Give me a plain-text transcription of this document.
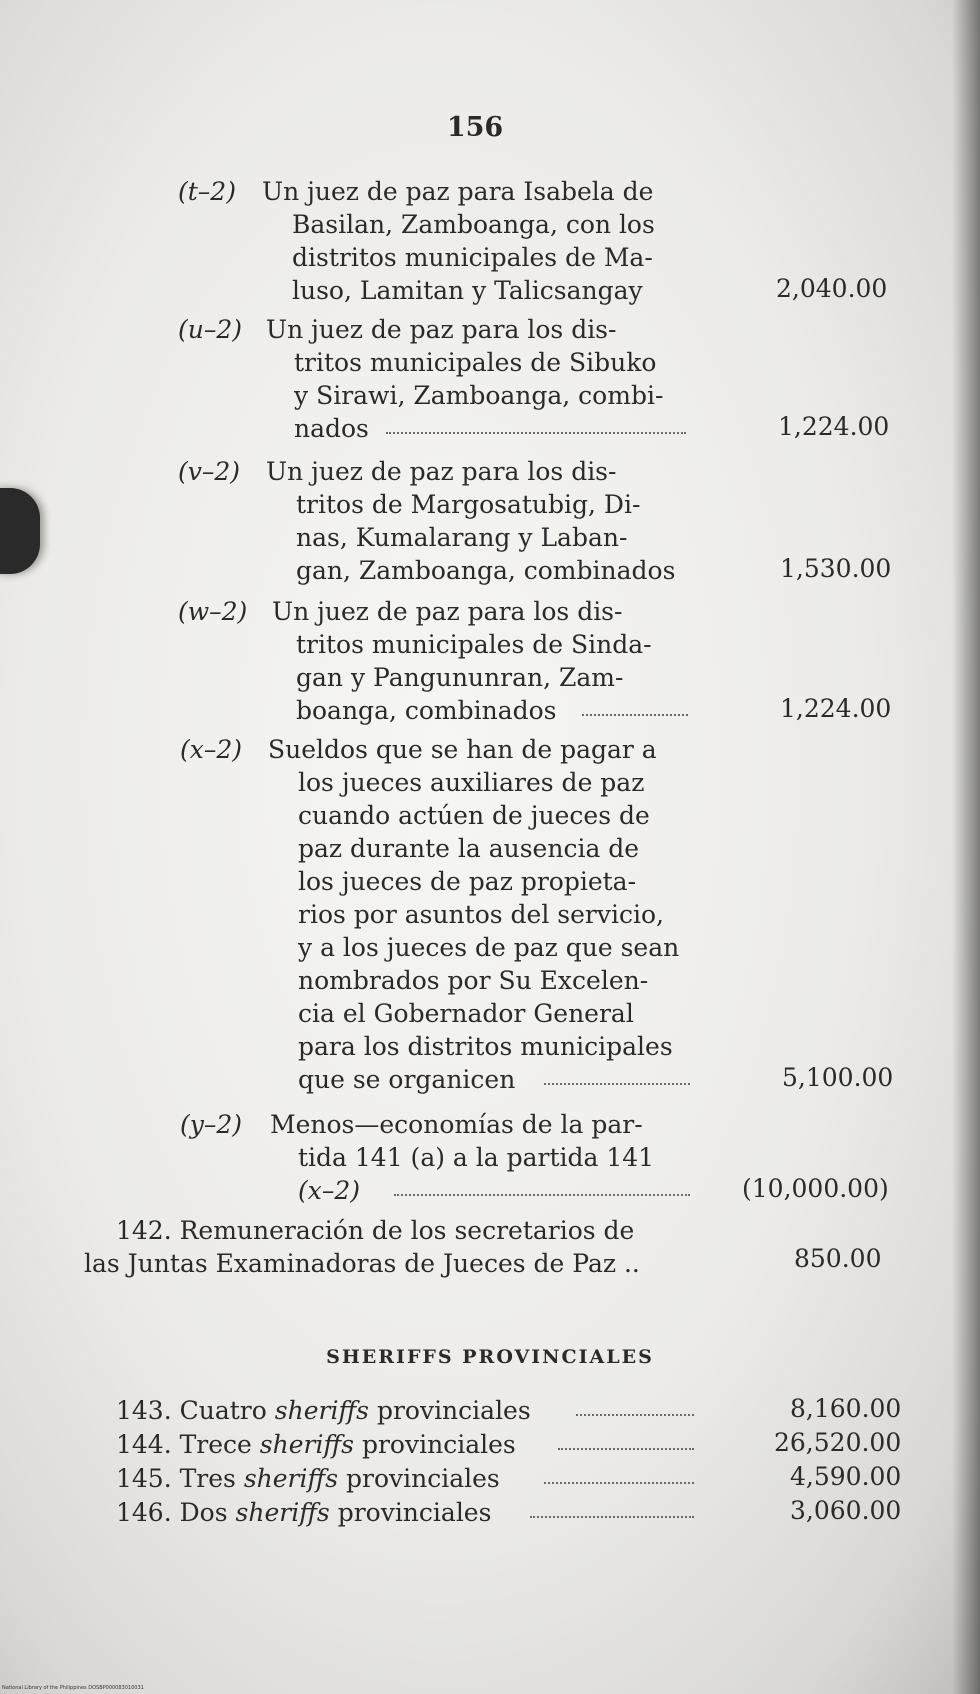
156
(t–2) Un juez de paz para Isabela de
Basilan, Zamboanga, con los
distritos municipales de Ma-
luso, Lamitan y Talicsangay	2,040.00
(u–2) Un juez de paz para los dis-
tritos municipales de Sibuko
y Sirawi, Zamboanga, combi-
nados	1,224.00
(v–2) Un juez de paz para los dis-
tritos de Margosatubig, Di-
nas, Kumalarang y Laban-
gan, Zamboanga, combinados	1,530.00
(w–2) Un juez de paz para los dis-
tritos municipales de Sinda-
gan y Pangununran, Zam-
boanga, combinados	1,224.00
(x–2) Sueldos que se han de pagar a
los jueces auxiliares de paz
cuando actúen de jueces de
paz durante la ausencia de
los jueces de paz propieta-
rios por asuntos del servicio,
y a los jueces de paz que sean
nombrados por Su Excelen-
cia el Gobernador General
para los distritos municipales
que se organicen	5,100.00
(y–2) Menos—economías de la par-
tida 141 (a) a la partida 141
(x–2)	(10,000.00)
142. Remuneración de los secretarios de
las Juntas Examinadoras de Jueces de Paz ..	850.00
SHERIFFS PROVINCIALES
143. Cuatro sheriffs provinciales	8,160.00
144. Trece sheriffs provinciales	26,520.00
145. Tres sheriffs provinciales	4,590.00
146. Dos sheriffs provinciales	3,060.00
National Library of the Philippines DOSBP000083010031
